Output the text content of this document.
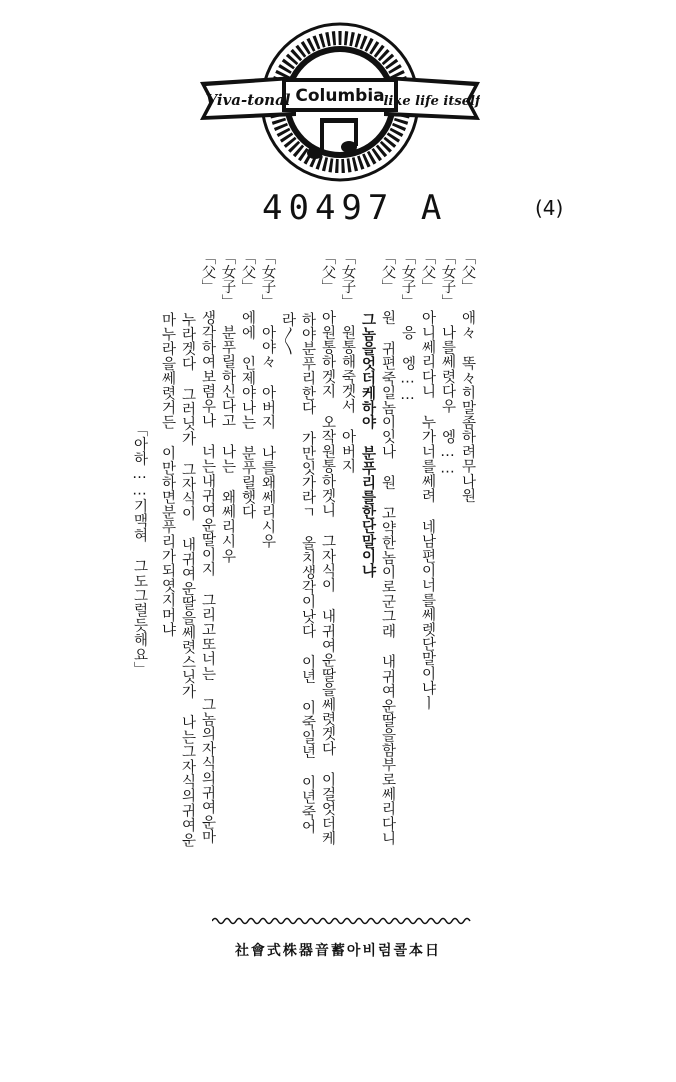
Viva-tonal Columbia
like life itself
40497 A	(4)
「父」 애々 똑々히말좀하려무나원
「女子」 나를쎄렷다우 엥……
「父」 아니쎄리다니 누가너를쎄려 네남편이너를쎄렛단말이냐ㅣ
「女子」 응 엥……
「父」 원 귀편죽일놈이잇나 원 고약한놈이로군그래 내귀여운딸을함부로쎄리다니
그놈을엇더케하야 분푸리를한단말이냐
「女子」 원통해죽겟서 아버지
「父」 아원통하겟지 오작원통하겟니 그자식이 내귀여운딸을쎄렷겟다 이걸엇더케
하야분푸리한다 가만잇가라ㄱ 올치생각이낫다 이년 이죽일년 이년죽어
라〳〵
「女子」 아야々 아버지 나를왜쎄리시우
「父」 에에 인제야나는 분푸릴햇다
「女子」 분푸릴하신다고 나는 왜쎄리시우
「父」 생각하여보렴우나 너는내귀여운딸이지 그리고또너는 그놈의자식의귀여운마
누라겟다 그러닛가 그자식이 내귀여운딸을쎄렷스닛가 나는그자식의귀여운
마누라을쎄렷거든 이만하면분푸리가되엿지머냐
「아하……기맥혀 그도그럴듯해요」
社會式株器音蓄아비럼콜本日
